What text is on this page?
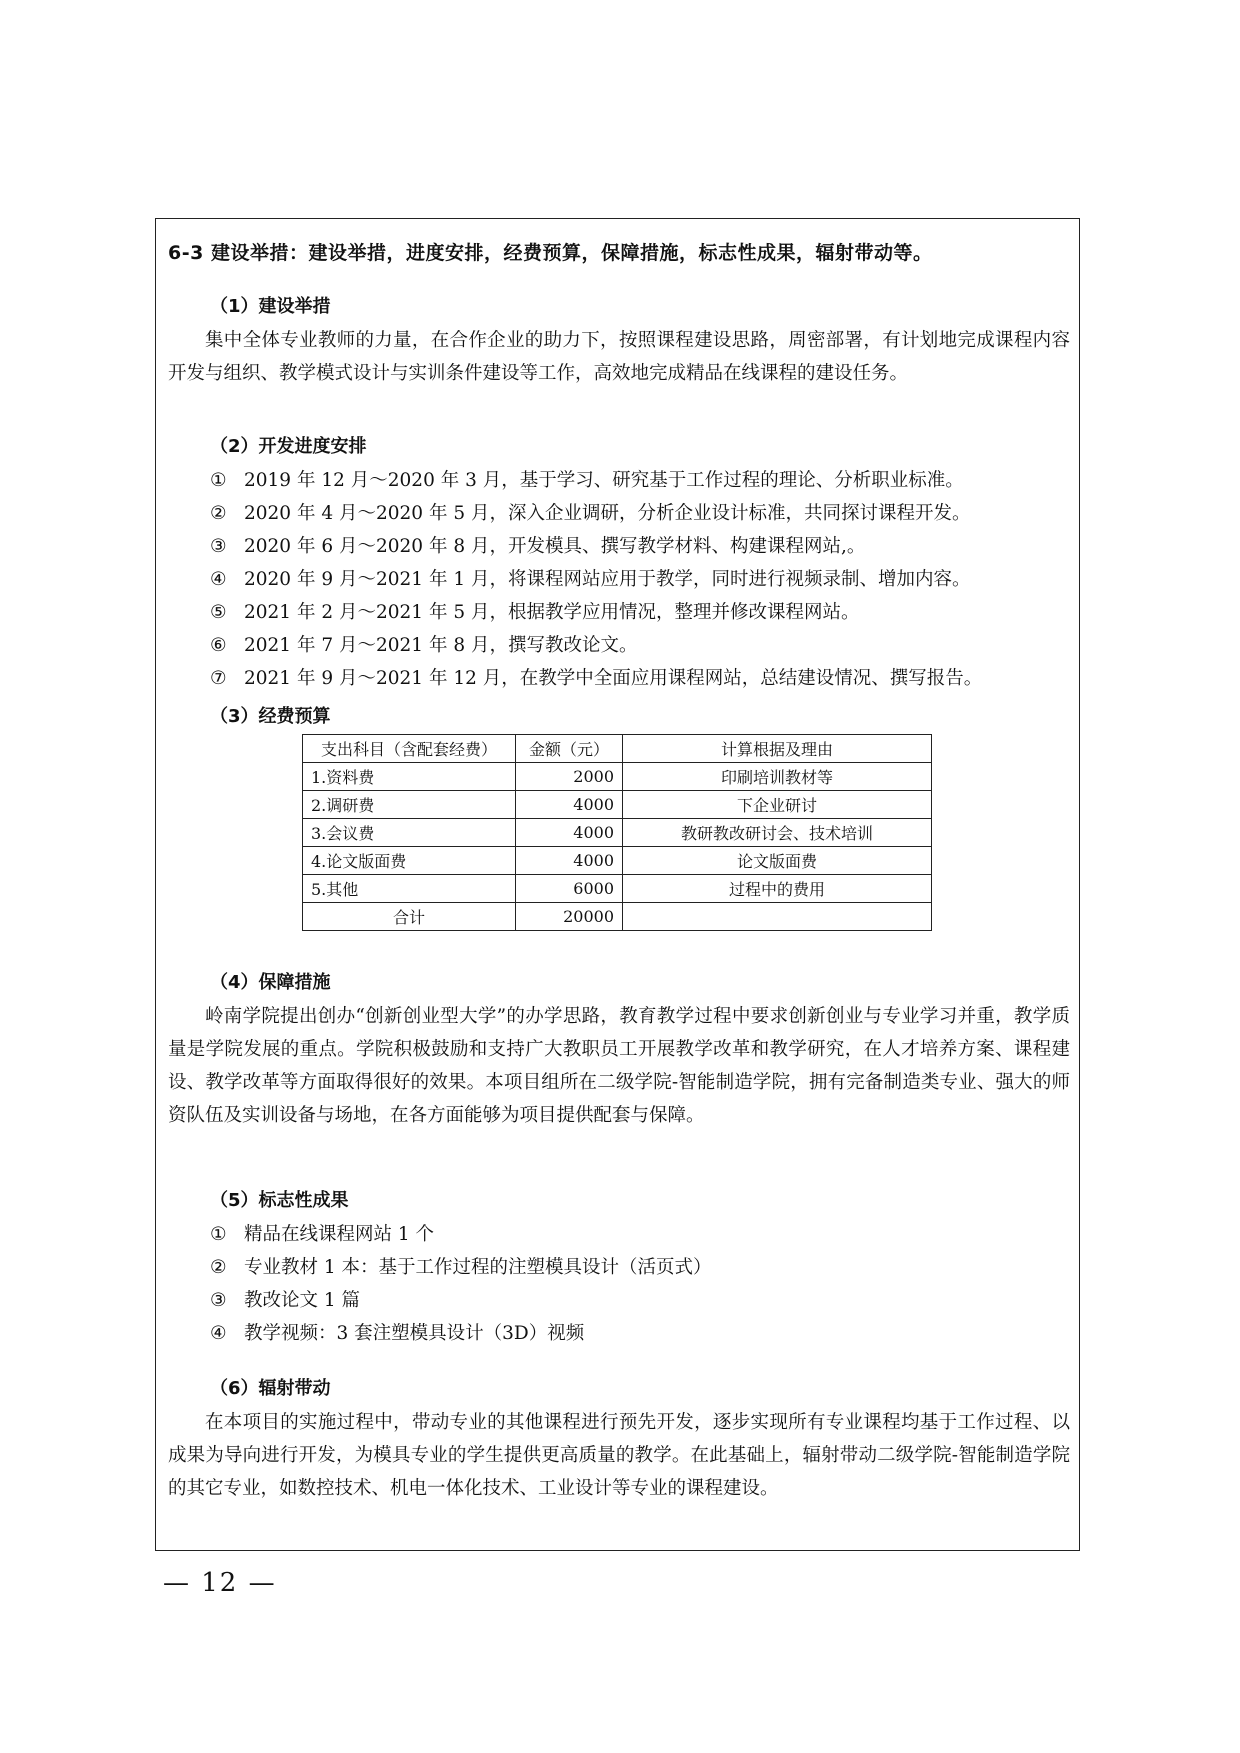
6-3 建设举措：建设举措，进度安排，经费预算，保障措施，标志性成果，辐射带动等。
（1）建设举措

集中全体专业教师的力量，在合作企业的助力下，按照课程建设思路，周密部署，有计划地完成课程内容开发与组织、教学模式设计与实训条件建设等工作，高效地完成精品在线课程的建设任务。

（2）开发进度安排
① 2019 年 12 月～2020 年 3 月，基于学习、研究基于工作过程的理论、分析职业标准。
② 2020 年 4 月～2020 年 5 月，深入企业调研，分析企业设计标准，共同探讨课程开发。
③ 2020 年 6 月～2020 年 8 月，开发模具、撰写教学材料、构建课程网站,。
④ 2020 年 9 月～2021 年 1 月，将课程网站应用于教学，同时进行视频录制、增加内容。
⑤ 2021 年 2 月～2021 年 5 月，根据教学应用情况，整理并修改课程网站。
⑥ 2021 年 7 月～2021 年 8 月，撰写教改论文。
⑦ 2021 年 9 月～2021 年 12 月，在教学中全面应用课程网站，总结建设情况、撰写报告。
（3）经费预算
支出科目（含配套经费）	金额（元）	计算根据及理由
1.资料费	2000	印刷培训教材等
2.调研费	4000	下企业研讨
3.会议费	4000	教研教改研讨会、技术培训
4.论文版面费	4000	论文版面费
5.其他	6000	过程中的费用
合计	20000	
（4）保障措施

岭南学院提出创办“创新创业型大学”的办学思路，教育教学过程中要求创新创业与专业学习并重，教学质量是学院发展的重点。学院积极鼓励和支持广大教职员工开展教学改革和教学研究，在人才培养方案、课程建设、教学改革等方面取得很好的效果。本项目组所在二级学院-智能制造学院，拥有完备制造类专业、强大的师资队伍及实训设备与场地，在各方面能够为项目提供配套与保障。

（5）标志性成果
① 精品在线课程网站 1 个
② 专业教材 1 本：基于工作过程的注塑模具设计（活页式）
③ 教改论文 1 篇
④ 教学视频：3 套注塑模具设计（3D）视频
（6）辐射带动

在本项目的实施过程中，带动专业的其他课程进行预先开发，逐步实现所有专业课程均基于工作过程、以成果为导向进行开发，为模具专业的学生提供更高质量的教学。在此基础上，辐射带动二级学院-智能制造学院的其它专业，如数控技术、机电一体化技术、工业设计等专业的课程建设。

— 12 —
